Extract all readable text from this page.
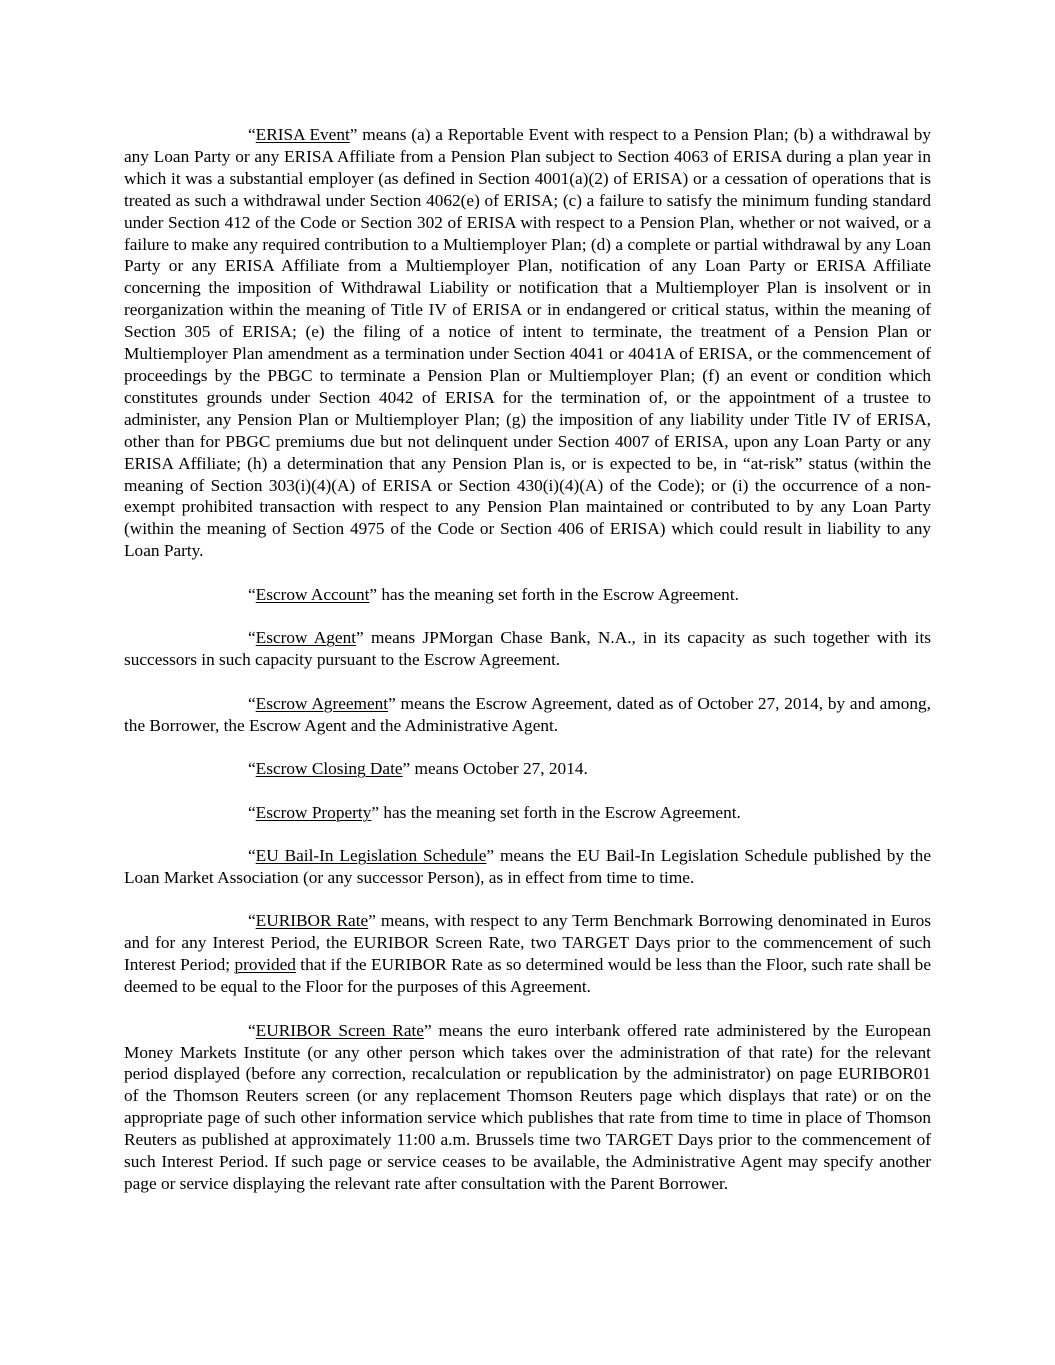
“ERISA Event” means (a) a Reportable Event with respect to a Pension Plan; (b) a withdrawal by any Loan Party or any ERISA Affiliate from a Pension Plan subject to Section 4063 of ERISA during a plan year in which it was a substantial employer (as defined in Section 4001(a)(2) of ERISA) or a cessation of operations that is treated as such a withdrawal under Section 4062(e) of ERISA; (c) a failure to satisfy the minimum funding standard under Section 412 of the Code or Section 302 of ERISA with respect to a Pension Plan, whether or not waived, or a failure to make any required contribution to a Multiemployer Plan; (d) a complete or partial withdrawal by any Loan Party or any ERISA Affiliate from a Multiemployer Plan, notification of any Loan Party or ERISA Affiliate concerning the imposition of Withdrawal Liability or notification that a Multiemployer Plan is insolvent or in reorganization within the meaning of Title IV of ERISA or in endangered or critical status, within the meaning of Section 305 of ERISA; (e) the filing of a notice of intent to terminate, the treatment of a Pension Plan or Multiemployer Plan amendment as a termination under Section 4041 or 4041A of ERISA, or the commencement of proceedings by the PBGC to terminate a Pension Plan or Multiemployer Plan; (f) an event or condition which constitutes grounds under Section 4042 of ERISA for the termination of, or the appointment of a trustee to administer, any Pension Plan or Multiemployer Plan; (g) the imposition of any liability under Title IV of ERISA, other than for PBGC premiums due but not delinquent under Section 4007 of ERISA, upon any Loan Party or any ERISA Affiliate; (h) a determination that any Pension Plan is, or is expected to be, in “at-risk” status (within the meaning of Section 303(i)(4)(A) of ERISA or Section 430(i)(4)(A) of the Code); or (i) the occurrence of a non-exempt prohibited transaction with respect to any Pension Plan maintained or contributed to by any Loan Party (within the meaning of Section 4975 of the Code or Section 406 of ERISA) which could result in liability to any Loan Party.

“Escrow Account” has the meaning set forth in the Escrow Agreement.

“Escrow Agent” means JPMorgan Chase Bank, N.A., in its capacity as such together with its successors in such capacity pursuant to the Escrow Agreement.

“Escrow Agreement” means the Escrow Agreement, dated as of October 27, 2014, by and among, the Borrower, the Escrow Agent and the Administrative Agent.

“Escrow Closing Date” means October 27, 2014.

“Escrow Property” has the meaning set forth in the Escrow Agreement.

“EU Bail-In Legislation Schedule” means the EU Bail-In Legislation Schedule published by the Loan Market Association (or any successor Person), as in effect from time to time.

“EURIBOR Rate” means, with respect to any Term Benchmark Borrowing denominated in Euros and for any Interest Period, the EURIBOR Screen Rate, two TARGET Days prior to the commencement of such Interest Period; provided that if the EURIBOR Rate as so determined would be less than the Floor, such rate shall be deemed to be equal to the Floor for the purposes of this Agreement.

“EURIBOR Screen Rate” means the euro interbank offered rate administered by the European Money Markets Institute (or any other person which takes over the administration of that rate) for the relevant period displayed (before any correction, recalculation or republication by the administrator) on page EURIBOR01 of the Thomson Reuters screen (or any replacement Thomson Reuters page which displays that rate) or on the appropriate page of such other information service which publishes that rate from time to time in place of Thomson Reuters as published at approximately 11:00 a.m. Brussels time two TARGET Days prior to the commencement of such Interest Period. If such page or service ceases to be available, the Administrative Agent may specify another page or service displaying the relevant rate after consultation with the Parent Borrower.
